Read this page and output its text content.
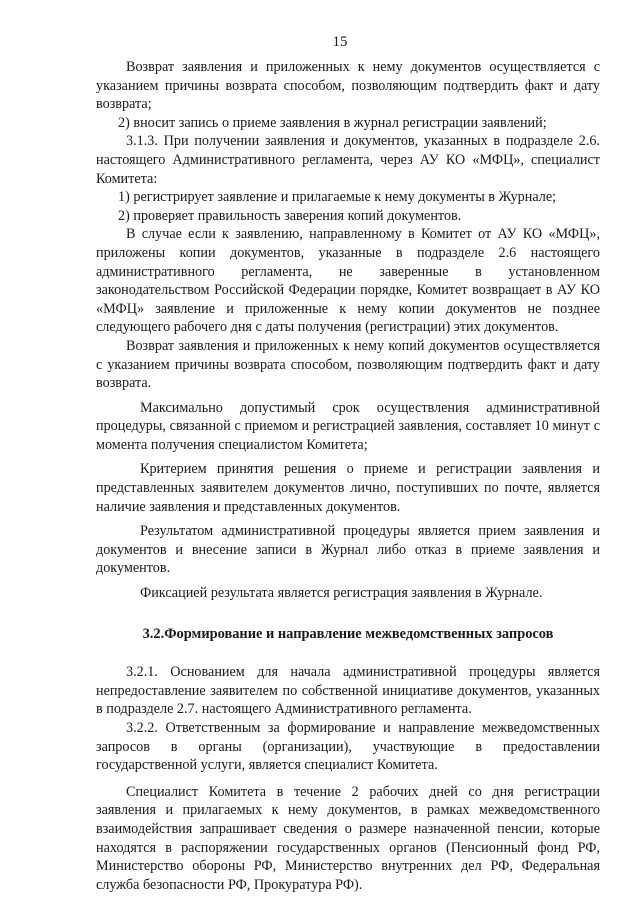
15

Возврат заявления и приложенных к нему документов осуществляется с указанием причины возврата способом, позволяющим подтвердить факт и дату возврата;

2) вносит запись о приеме заявления в журнал регистрации заявлений;

3.1.3. При получении заявления и документов, указанных в подразделе 2.6. настоящего Административного регламента, через АУ КО «МФЦ», специалист Комитета:

1) регистрирует заявление и прилагаемые к нему документы в Журнале;

2) проверяет правильность заверения копий документов.

В случае если к заявлению, направленному в Комитет от АУ КО «МФЦ», приложены копии документов, указанные в подразделе 2.6 настоящего административного регламента, не заверенные в установленном законодательством Российской Федерации порядке, Комитет возвращает в АУ КО «МФЦ» заявление и приложенные к нему копии документов не позднее следующего рабочего дня с даты получения (регистрации) этих документов.

Возврат заявления и приложенных к нему копий документов осуществляется с указанием причины возврата способом, позволяющим подтвердить факт и дату возврата.

Максимально допустимый срок осуществления административной процедуры, связанной с приемом и регистрацией заявления, составляет 10 минут с момента получения специалистом Комитета;

Критерием принятия решения о приеме и регистрации заявления и представленных заявителем документов лично, поступивших по почте, является наличие заявления и представленных документов.

Результатом административной процедуры является прием заявления и документов и внесение записи в Журнал либо отказ в приеме заявления и документов.

Фиксацией результата является регистрация заявления в Журнале.

3.2.Формирование и направление межведомственных запросов

3.2.1. Основанием для начала административной процедуры является непредоставление заявителем по собственной инициативе документов, указанных в подразделе 2.7. настоящего Административного регламента.

3.2.2. Ответственным за формирование и направление межведомственных запросов в органы (организации), участвующие в предоставлении государственной услуги, является специалист Комитета.

Специалист Комитета в течение 2 рабочих дней со дня регистрации заявления и прилагаемых к нему документов, в рамках межведомственного взаимодействия запрашивает сведения о размере назначенной пенсии, которые находятся в распоряжении государственных органов (Пенсионный фонд РФ, Министерство обороны РФ, Министерство внутренних дел РФ, Федеральная служба безопасности РФ, Прокуратура РФ).
